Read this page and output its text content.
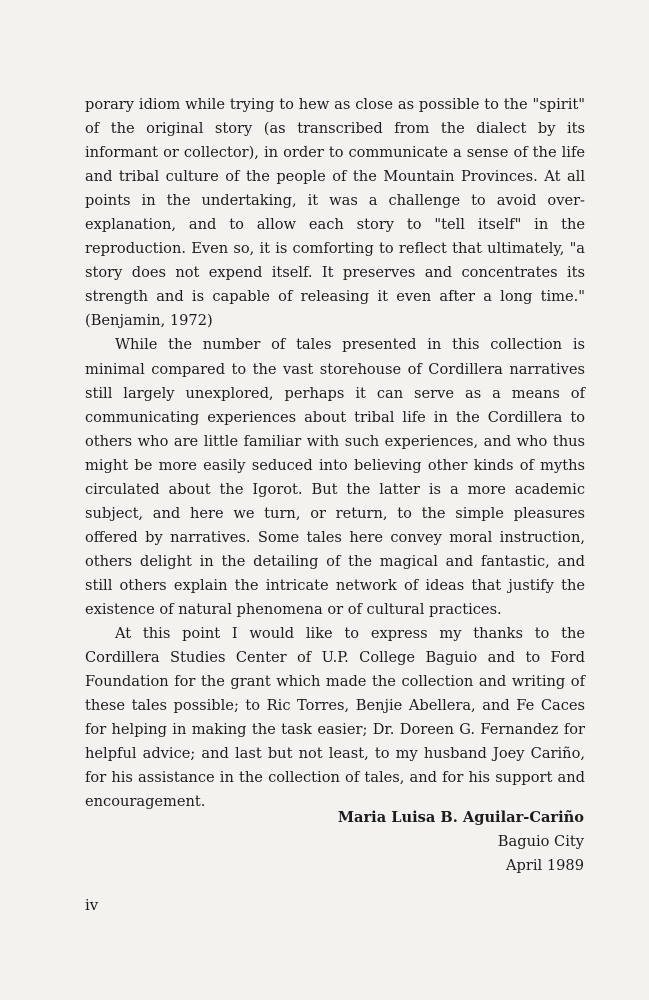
porary idiom while trying to hew as close as possible to the "spirit" of the original story (as transcribed from the dialect by its informant or collector), in order to communicate a sense of the life and tribal culture of the people of the Mountain Provinces. At all points in the undertaking, it was a challenge to avoid over-explanation, and to allow each story to "tell itself" in the reproduction. Even so, it is comforting to reflect that ultimately, "a story does not expend itself. It preserves and concentrates its strength and is capable of releasing it even after a long time."(Benjamin, 1972)

While the number of tales presented in this collection is minimal compared to the vast storehouse of Cordillera narratives still largely unexplored, perhaps it can serve as a means of communicating experiences about tribal life in the Cordillera to others who are little familiar with such experiences, and who thus might be more easily seduced into believing other kinds of myths circulated about the Igorot. But the latter is a more academic subject, and here we turn, or return, to the simple pleasures offered by narratives. Some tales here convey moral instruction, others delight in the detailing of the magical and fantastic, and still others explain the intricate network of ideas that justify the existence of natural phenomena or of cultural practices.

At this point I would like to express my thanks to the Cordillera Studies Center of U.P. College Baguio and to Ford Foundation for the grant which made the collection and writing of these tales possible; to Ric Torres, Benjie Abellera, and Fe Caces for helping in making the task easier; Dr. Doreen G. Fernandez for helpful advice; and last but not least, to my husband Joey Cariño, for his assistance in the collection of tales, and for his support and encouragement.

Maria Luisa B. Aguilar-Cariño
Baguio City
April 1989
iv
